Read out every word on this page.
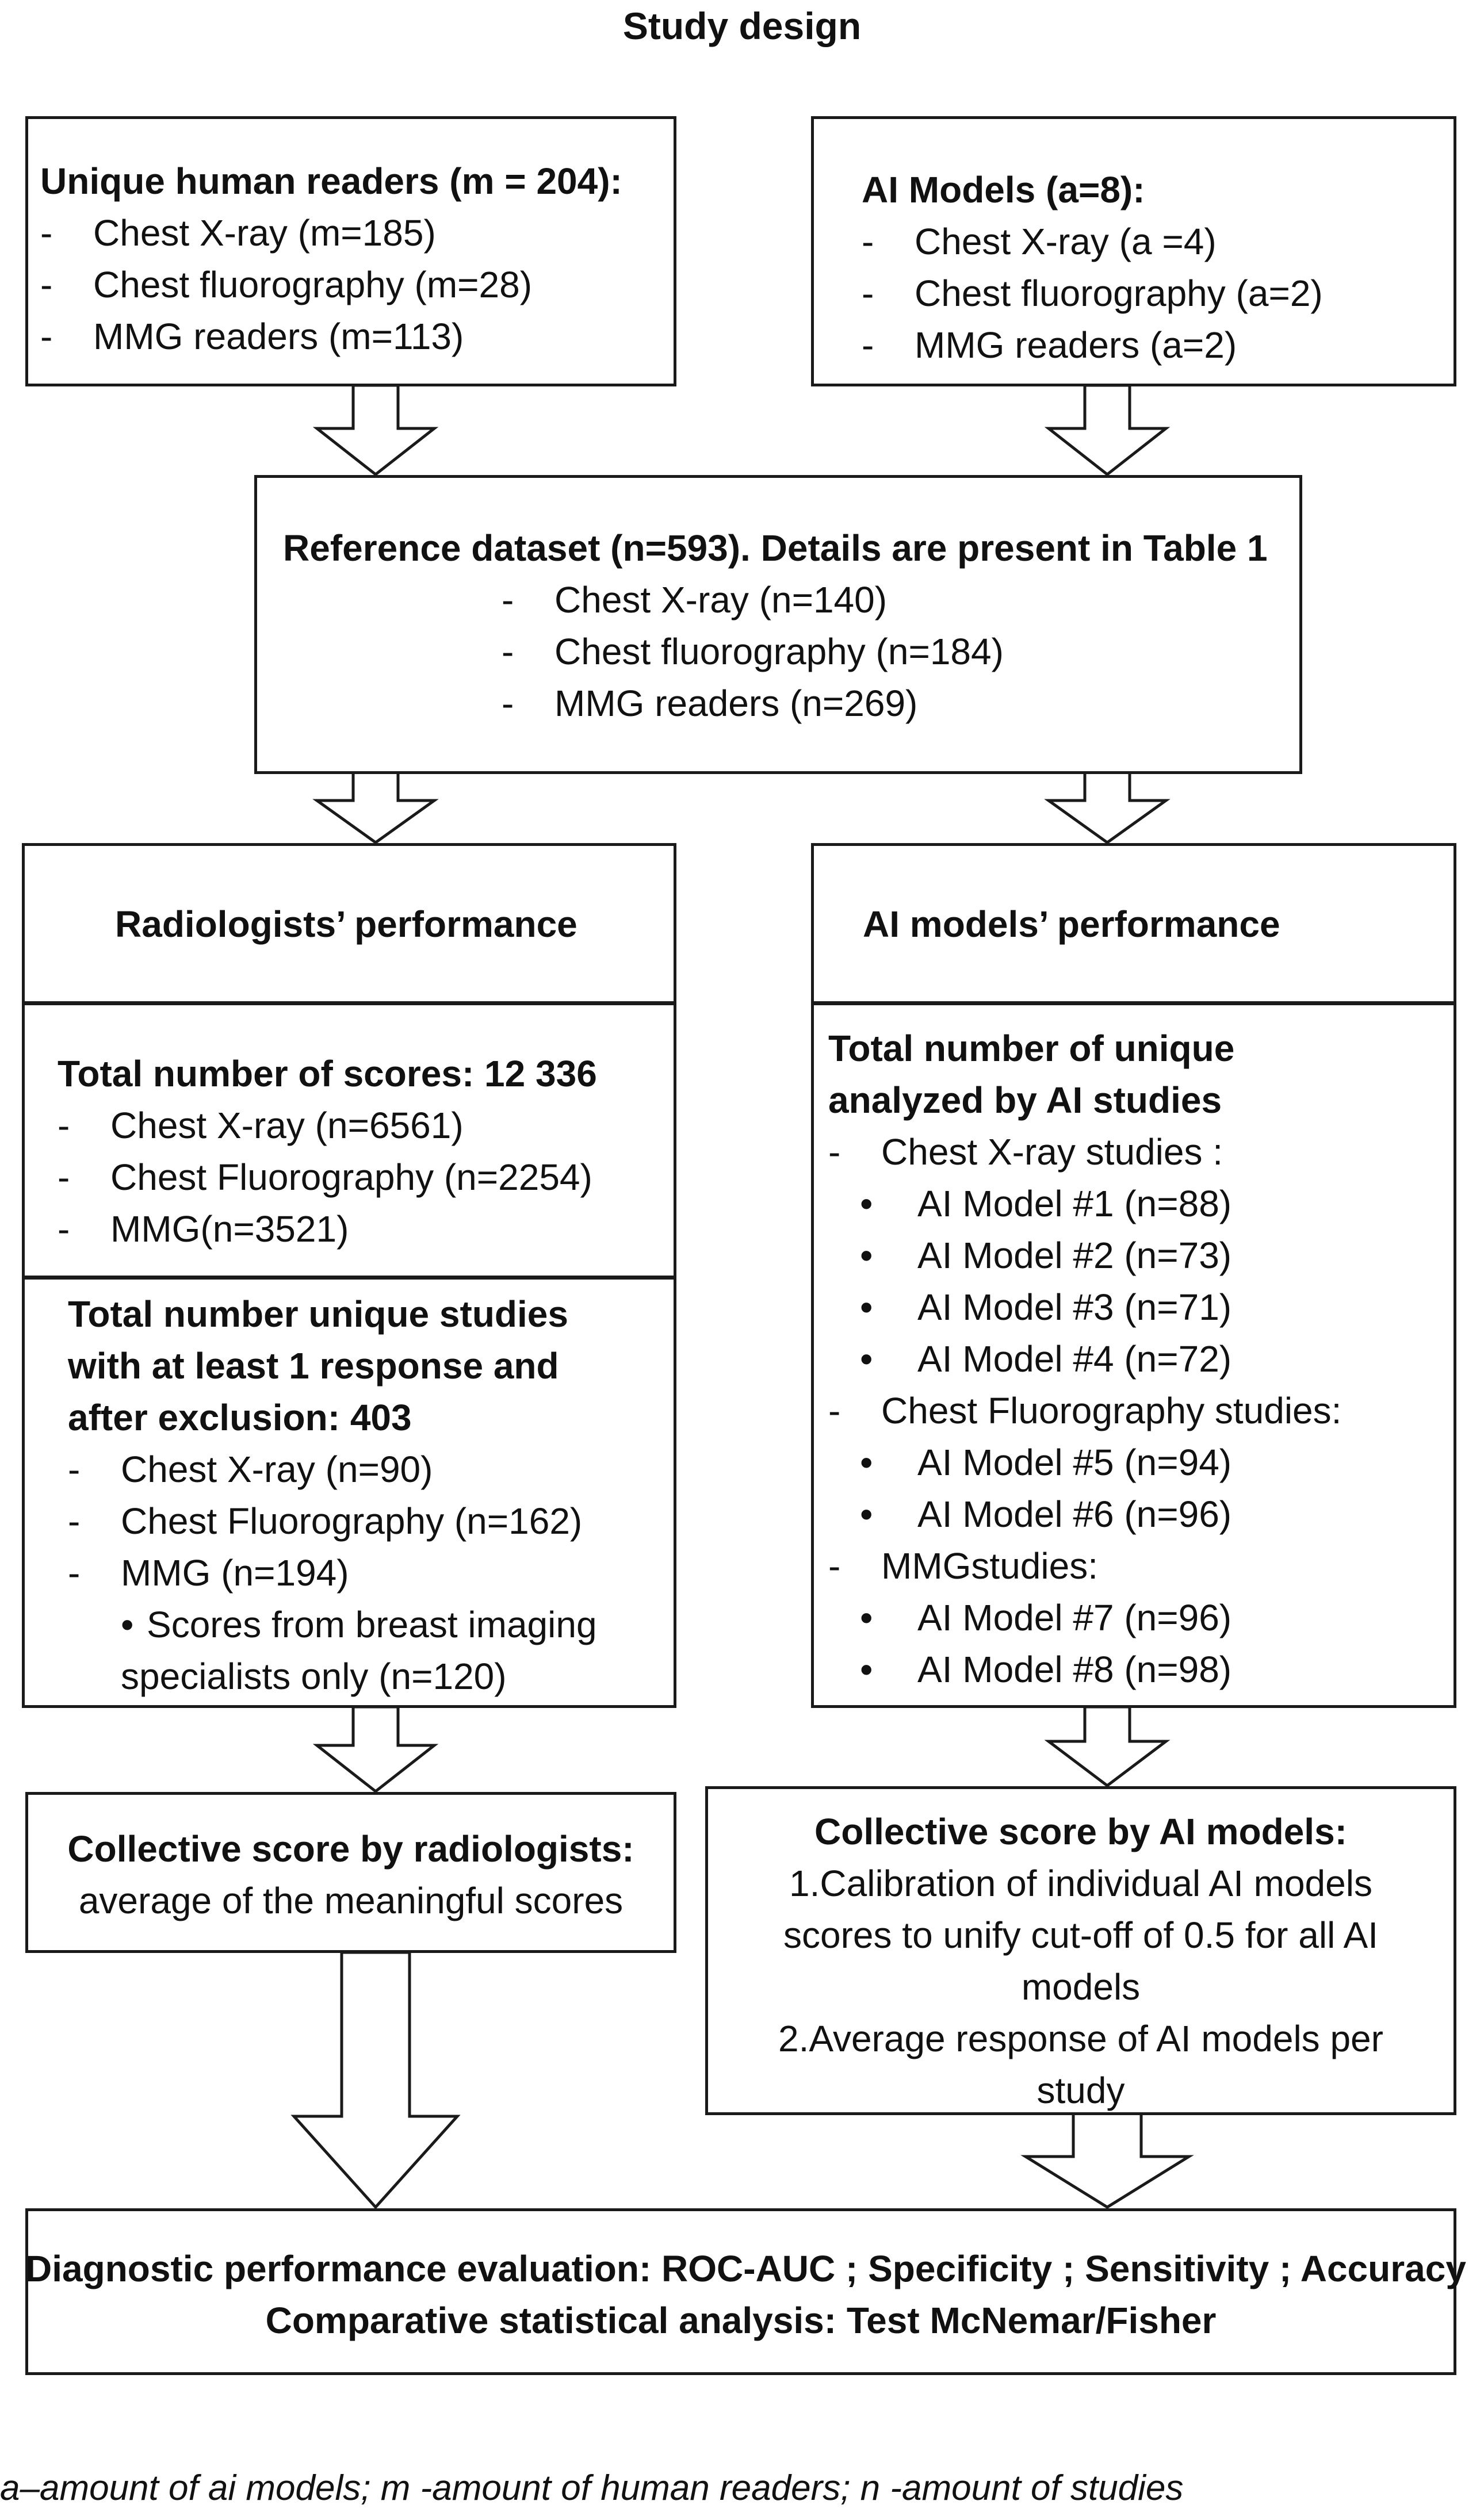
Study design
Unique human readers (m = 204):
- Chest X-ray (m=185)
- Chest fluorography (m=28)
- MMG readers (m=113)
AI Models (a=8):
- Chest X-ray (a =4)
- Chest fluorography (a=2)
- MMG readers (a=2)
Reference dataset (n=593). Details are present in Table 1
- Chest X-ray (n=140)
- Chest fluorography (n=184)
- MMG readers (n=269)
Radiologists’ performance
Total number of scores: 12 336
- Chest X-ray (n=6561)
- Chest Fluorography (n=2254)
- MMG(n=3521)
Total number unique studies
with at least 1 response and
after exclusion: 403
- Chest X-ray (n=90)
- Chest Fluorography (n=162)
- MMG (n=194)
• Scores from breast imaging
specialists only (n=120)
AI models’ performance
Total number of unique
analyzed by AI studies
- Chest X-ray studies :
• AI Model #1 (n=88)
• AI Model #2 (n=73)
• AI Model #3 (n=71)
• AI Model #4 (n=72)
- Chest Fluorography studies:
• AI Model #5 (n=94)
• AI Model #6 (n=96)
- MMGstudies:
• AI Model #7 (n=96)
• AI Model #8 (n=98)
Collective score by radiologists:
average of the meaningful scores
Collective score by AI models:
1.Calibration of individual AI models
scores to unify cut-off of 0.5 for all AI
models
2.Average response of AI models per
study
Diagnostic performance evaluation: ROC-AUC ; Specificity ; Sensitivity ; Accuracy
Comparative statistical analysis: Test McNemar/Fisher
a–amount of ai models; m -amount of human readers; n -amount of studies
